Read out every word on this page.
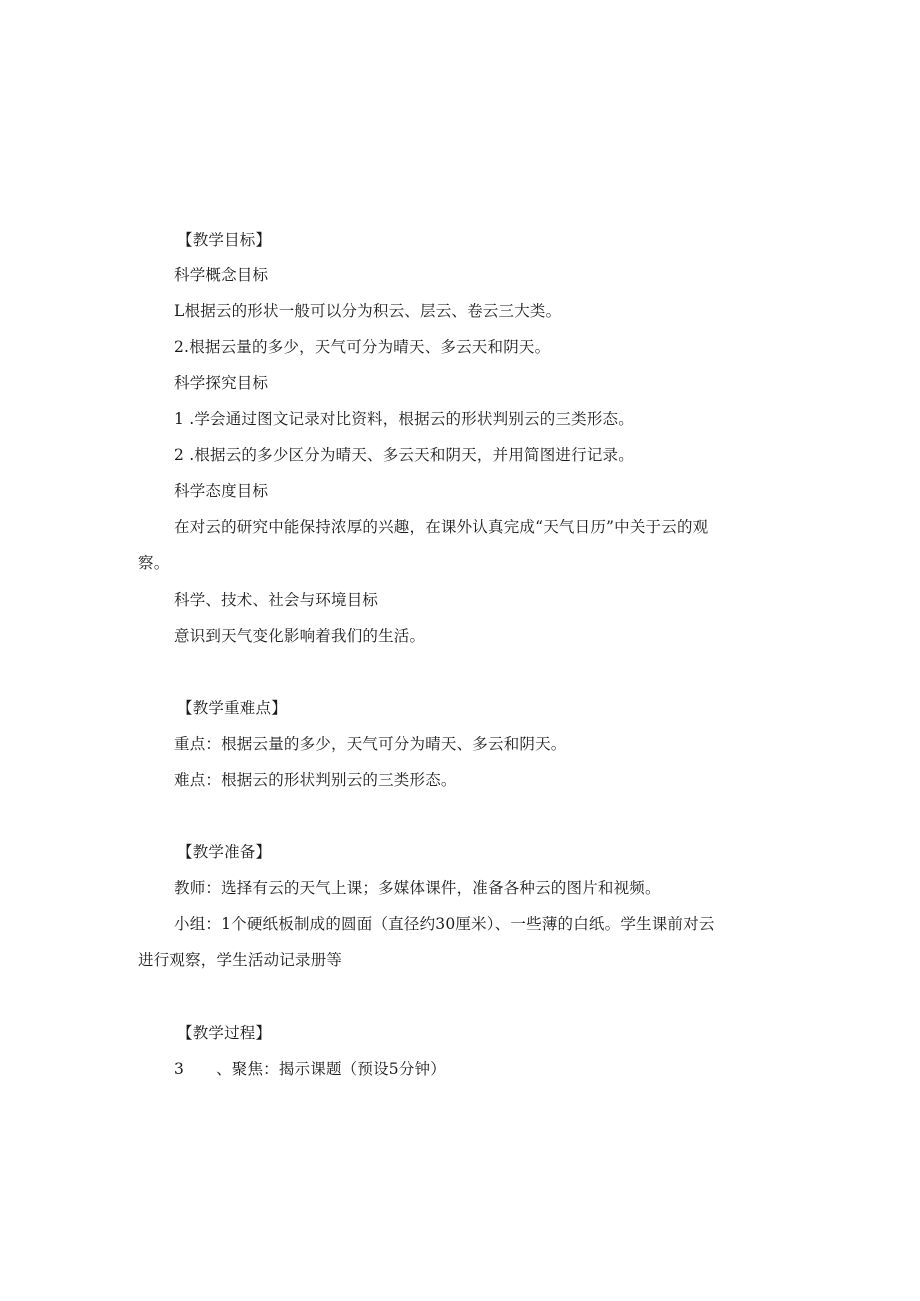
【教学目标】
科学概念目标
L根据云的形状一般可以分为积云、层云、卷云三大类。
2.根据云量的多少，天气可分为晴天、多云天和阴天。
科学探究目标
1 .学会通过图文记录对比资料，根据云的形状判别云的三类形态。
2 .根据云的多少区分为晴天、多云天和阴天，并用简图进行记录。
科学态度目标
在对云的研究中能保持浓厚的兴趣，在课外认真完成“天气日历”中关于云的观
察。
科学、技术、社会与环境目标
意识到天气变化影响着我们的生活。
【教学重难点】
重点：根据云量的多少，天气可分为晴天、多云和阴天。
难点：根据云的形状判别云的三类形态。
【教学准备】
教师：选择有云的天气上课；多媒体课件，准备各种云的图片和视频。
小组：1个硬纸板制成的圆面（直径约30厘米）、一些薄的白纸。学生课前对云
进行观察，学生活动记录册等
【教学过程】
3 、聚焦：揭示课题（预设5分钟）
